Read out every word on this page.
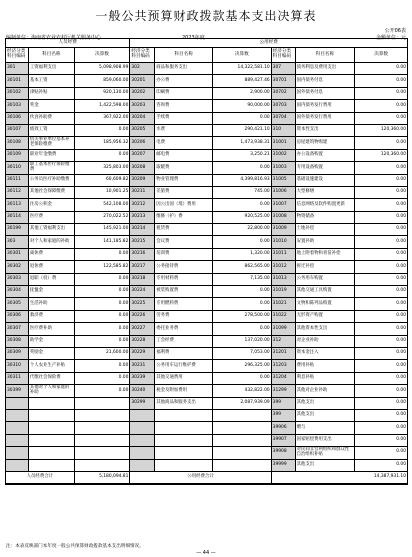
一般公共预算财政拨款基本支出决算表
公开06表
编制单位：海南省农业农村厅机关服务中心	2023年度	金额单位：元
人员经费	公用经费
经济分类科目编码	科目名称	决算数	经济分类科目编码	科目名称	决算数	经济分类科目编码	科目名称	决算数
301	工资福利支出	5,098,908.99 302	商品和服务支出	14,322,581.10 307	债务利息及费用支出	0.00
30101	基本工资	859,060.00 30201	办公费	889,427.46 30701	国内债务付息	0.00
30102	津贴补贴	920,130.00 30202	印刷费	2,900.00 30702	国外债务付息	0.00
30103	奖金	1,422,598.00 30203	咨询费	90,000.00 30703	国内债务发行费用	0.00
30106	伙食补助费	367,922.00 30204	手续费	0.00 30704	国外债务发行费用	0.00
30107	绩效工资	0.00 30205	水费	290,421.10 310	资本性支出	120,360.00
30108	机关事业单位基本养老保险缴费	185,956.32 30206	电费	1,473,938.31 31001	房屋建筑物购建	0.00
30109	职业年金缴费	0.00 30207	邮电费	3,250.21 31002	办公设备购置	120,360.00
30110	职工基本医疗保险缴费	325,803.00 30208	取暖费	0.00 31003	专用设备购置	0.00
30111	公务员医疗补助缴费	60,609.82 30209	物业管理费	4,399,816.93 31005	基础设施建设	0.00
30112	其他社会保障缴费	10,901.25 30211	差旅费	745.00 31006	大型修缮	0.00
30113	住房公积金	542,108.00 30212	因公出国（境）费用	0.00 31007	信息网络及软件购置更新	0.00
30114	医疗费	270,022.52 30213	维修（护）费	920,525.00 31008	物资储备	0.00
30199	其他工资福利支出	145,921.00 30214	租赁费	22,800.00 31009	土地补偿	0.00
303	对个人和家庭的补助	141,185.82 30215	会议费	0.00 31010	安置补助	0.00
30301	离休费	0.00 30216	培训费	1,320.00 31011	地上附着物和青苗补偿	0.00
30302	退休费	122,585.82 30217	公务接待费	862,565.00 31012	拆迁补偿	0.00
30303	退职（役）费	0.00 30218	专用材料费	7,135.00 31013	公务用车购置	0.00
30304	抚恤金	0.00 30224	被装购置费	0.00 31019	其他交通工具购置	0.00
30305	生活补助	0.00 30225	专用燃料费	0.00 31021	文物和陈列品购置	0.00
30306	救济费	0.00 30226	劳务费	278,500.00 31022	无形资产购置	0.00
30307	医疗费补助	0.00 30227	委托业务费	0.00 31099	其他资本性支出	0.00
30308	助学金	0.00 30228	工会经费	137,020.00 312	对企业补助	0.00
30309	奖励金	21,600.00 30229	福利费	7,053.00 31201	资本金注入	0.00
30310	个人农业生产补贴	0.00 30231	公务用车运行维护费	296,325.00 31203	费用补贴	0.00
30311	代缴社会保险费	0.00 30239	其他交通费用	0.00 31204	利息补贴	0.00
30399	其他对个人和家庭的补助	0.00 30240	税金及附加费用	432,822.00 31299	其他对企业补助	0.00
30299	其他商品和服务支出	2,087,939.09 399	其他支出	0.00
399	其他支出	0.00
39906	赠与	0.00
39907	国家赔偿费用支出	0.00
39908	对民间非营利组织和群众性自治组织补贴	0.00
39999	其他支出	0.00
人员经费合计	5,180,094.81	公用经费合计	14,387,931.10
注：本表反映部门本年度一般公共预算财政拨款基本支出明细情况。
— 44 —
